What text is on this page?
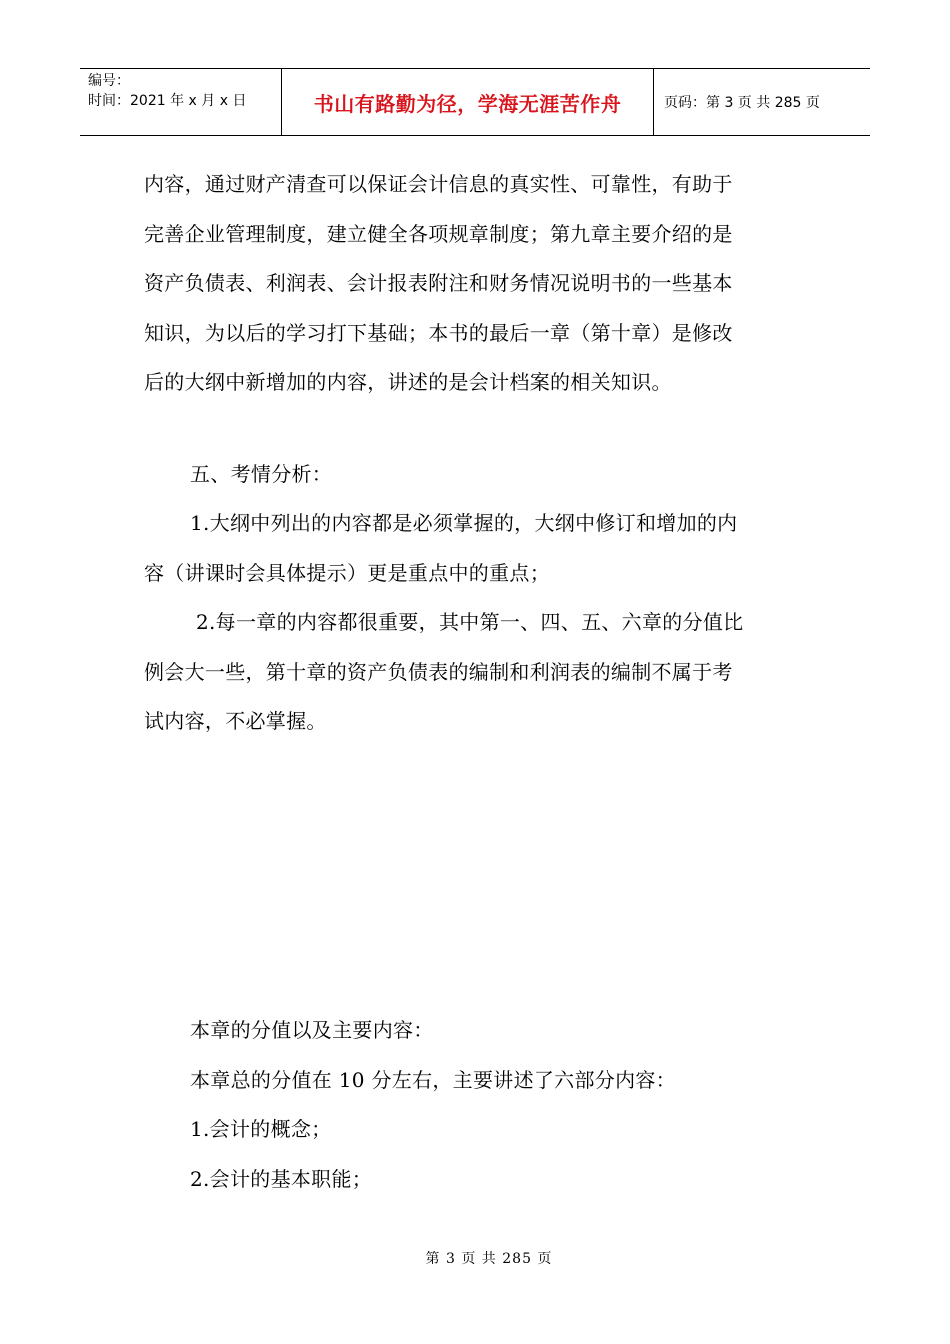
编号：
时间：2021 年 x 月 x 日	书山有路勤为径，学海无涯苦作舟	页码：第 3 页 共 285 页

内容，通过财产清查可以保证会计信息的真实性、可靠性，有助于

完善企业管理制度，建立健全各项规章制度；第九章主要介绍的是

资产负债表、利润表、会计报表附注和财务情况说明书的一些基本

知识，为以后的学习打下基础；本书的最后一章（第十章）是修改

后的大纲中新增加的内容，讲述的是会计档案的相关知识。

五、考情分析：

1.大纲中列出的内容都是必须掌握的，大纲中修订和增加的内

容（讲课时会具体提示）更是重点中的重点；

2.每一章的内容都很重要，其中第一、四、五、六章的分值比

例会大一些，第十章的资产负债表的编制和利润表的编制不属于考

试内容，不必掌握。

本章的分值以及主要内容：

本章总的分值在 10 分左右，主要讲述了六部分内容：

1.会计的概念；

2.会计的基本职能；

第 3 页 共 285 页
